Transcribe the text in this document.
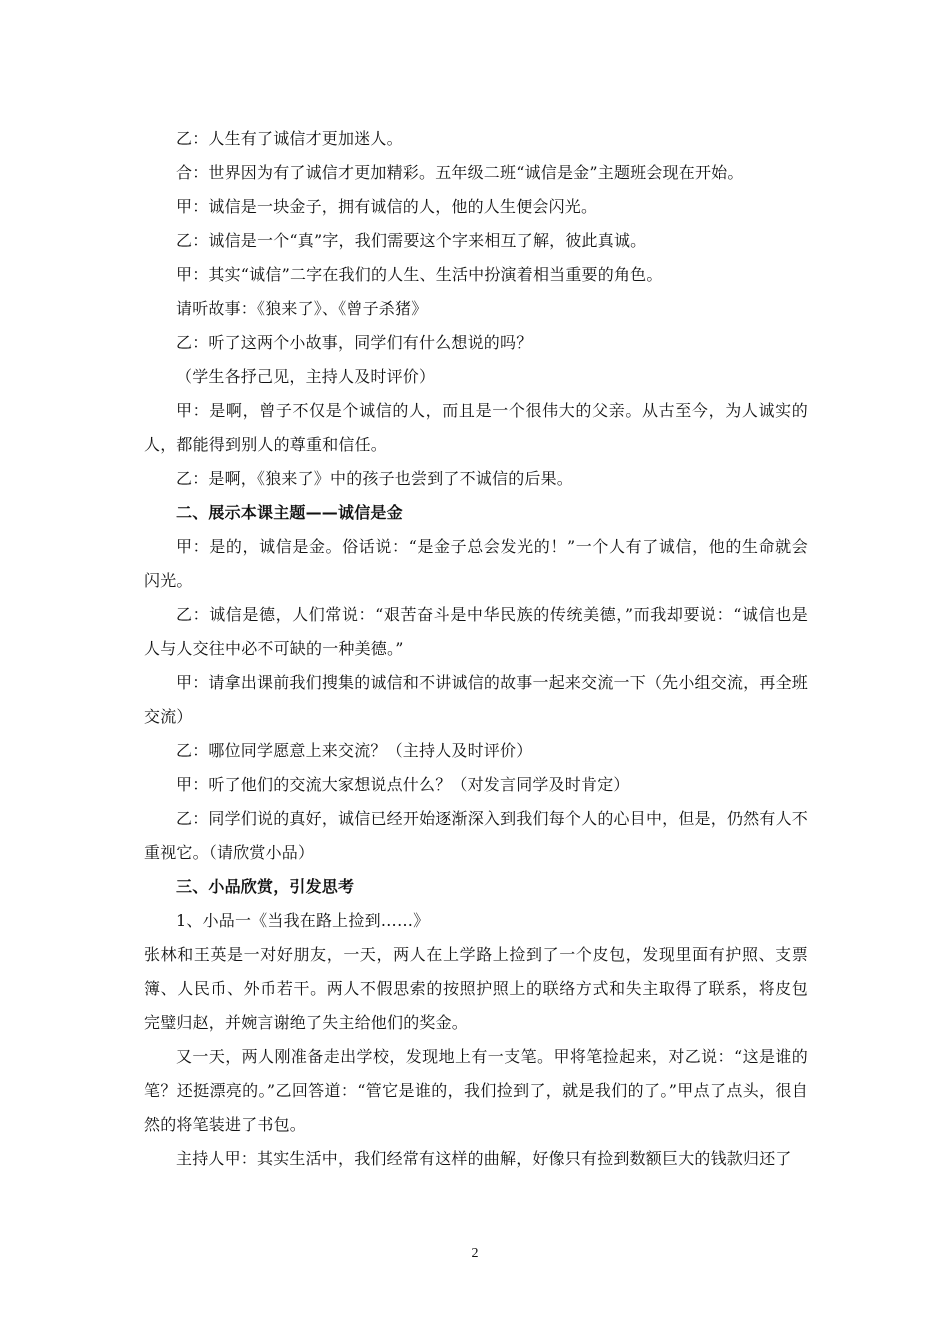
乙：人生有了诚信才更加迷人。

合：世界因为有了诚信才更加精彩。五年级二班“诚信是金”主题班会现在开始。

甲：诚信是一块金子，拥有诚信的人，他的人生便会闪光。

乙：诚信是一个“真”字，我们需要这个字来相互了解，彼此真诚。

甲：其实“诚信”二字在我们的人生、生活中扮演着相当重要的角色。

请听故事：《狼来了》、《曾子杀猪》

乙：听了这两个小故事，同学们有什么想说的吗？

（学生各抒己见，主持人及时评价）

甲：是啊，曾子不仅是个诚信的人，而且是一个很伟大的父亲。从古至今，为人诚实的人，都能得到别人的尊重和信任。

乙：是啊，《狼来了》中的孩子也尝到了不诚信的后果。

二、展示本课主题——诚信是金

甲：是的，诚信是金。俗话说：“是金子总会发光的！”一个人有了诚信，他的生命就会闪光。

乙：诚信是德，人们常说：“艰苦奋斗是中华民族的传统美德，”而我却要说：“诚信也是人与人交往中必不可缺的一种美德。”

甲：请拿出课前我们搜集的诚信和不讲诚信的故事一起来交流一下（先小组交流，再全班交流）

乙：哪位同学愿意上来交流？（主持人及时评价）

甲：听了他们的交流大家想说点什么？（对发言同学及时肯定）

乙：同学们说的真好，诚信已经开始逐渐深入到我们每个人的心目中，但是，仍然有人不重视它。（请欣赏小品）

三、小品欣赏，引发思考

1、小品一《当我在路上捡到……》

张林和王英是一对好朋友，一天，两人在上学路上捡到了一个皮包，发现里面有护照、支票簿、人民币、外币若干。两人不假思索的按照护照上的联络方式和失主取得了联系，将皮包完璧归赵，并婉言谢绝了失主给他们的奖金。

又一天，两人刚准备走出学校，发现地上有一支笔。甲将笔捡起来，对乙说：“这是谁的笔？还挺漂亮的。”乙回答道：“管它是谁的，我们捡到了，就是我们的了。”甲点了点头，很自然的将笔装进了书包。

主持人甲：其实生活中，我们经常有这样的曲解，好像只有捡到数额巨大的钱款归还了

2
